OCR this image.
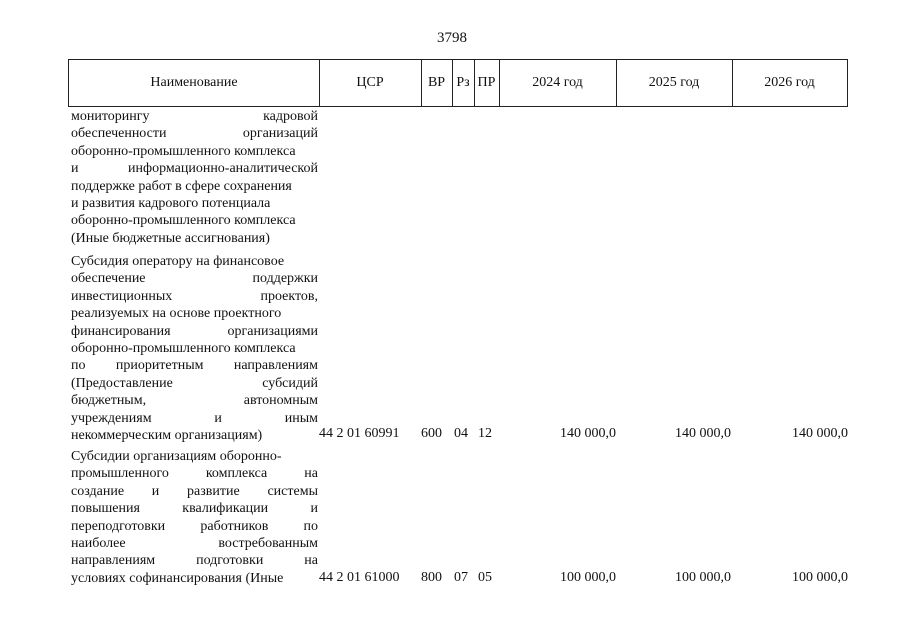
3798
Наименование	ЦСР	ВР Рз ПР	2024 год	2025 год	2026 год
мониторингу	кадровой
обеспеченности	организаций
оборонно-промышленного комплекса
и	информационно-аналитической
поддержке работ в сфере сохранения
и развития кадрового потенциала
оборонно-промышленного комплекса
(Иные бюджетные ассигнования)
Субсидия оператору на финансовое
обеспечение	поддержки
инвестиционных	проектов,
реализуемых на основе проектного
финансирования	организациями
оборонно-промышленного комплекса
по приоритетным направлениям
(Предоставление	субсидий
бюджетным,	автономным
учреждениям	и	иным
некоммерческим организациям)	44 2 01 60991 600 04 12	140 000,0	140 000,0	140 000,0
Субсидии организациям оборонно-
промышленного	комплекса	на
создание и развитие системы
повышения	квалификации	и
переподготовки	работников	по
наиболее	востребованным
направлениям	подготовки	на
условиях софинансирования (Иные	44 2 01 61000 800 07 05	100 000,0	100 000,0	100 000,0
